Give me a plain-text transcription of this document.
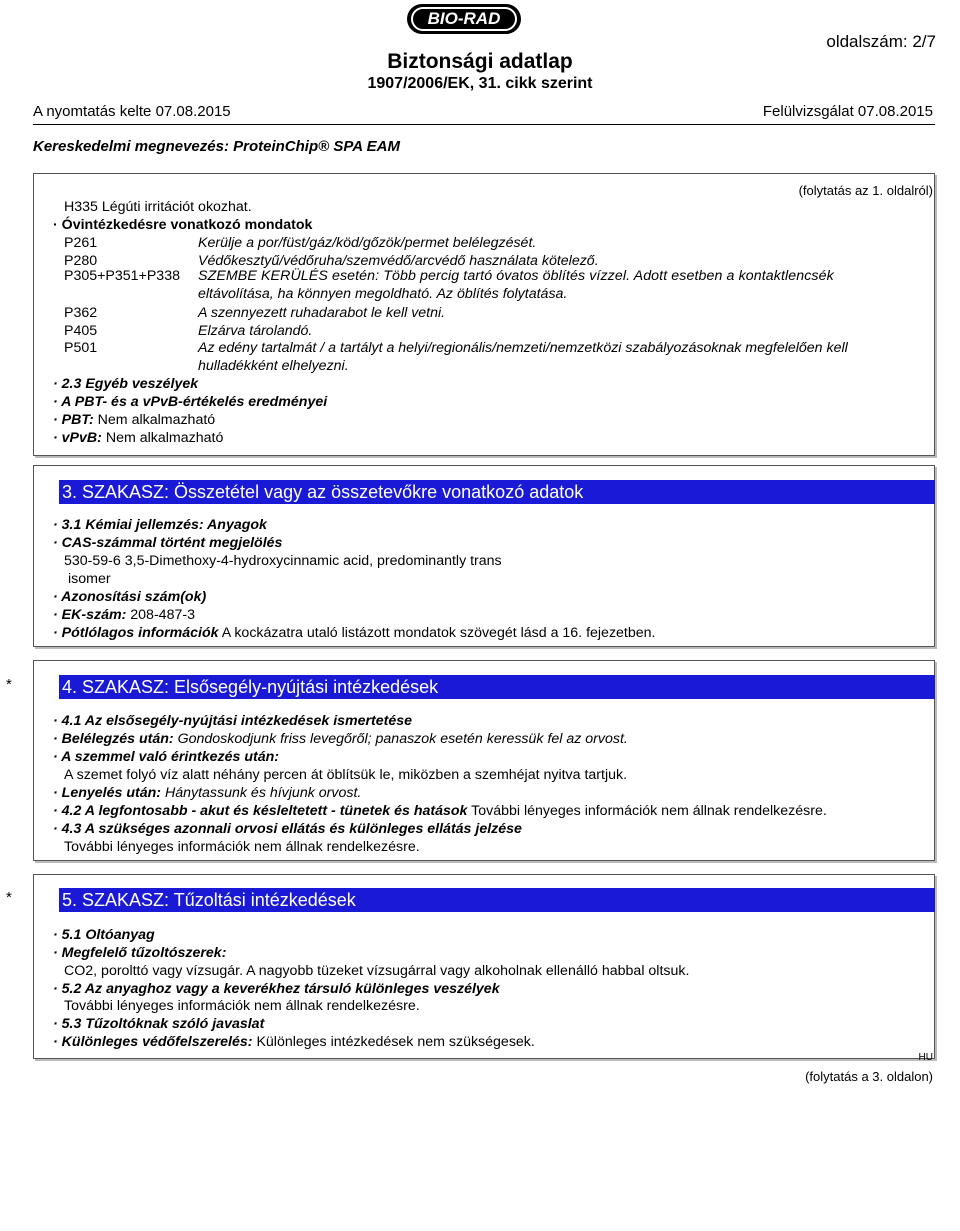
BIO-RAD
oldalszám: 2/7
Biztonsági adatlap
1907/2006/EK, 31. cikk szerint
A nyomtatás kelte 07.08.2015	Felülvizsgálat 07.08.2015
Kereskedelmi megnevezés: ProteinChip® SPA EAM
(folytatás az 1. oldalról)
H335 Légúti irritációt okozhat.
· Óvintézkedésre vonatkozó mondatok
P261	Kerülje a por/füst/gáz/köd/gőzök/permet belélegzését.
P280	Védőkesztyű/védőruha/szemvédő/arcvédő használata kötelező.
P305+P351+P338 SZEMBE KERÜLÉS esetén: Több percig tartó óvatos öblítés vízzel. Adott esetben a kontaktlencsék
eltávolítása, ha könnyen megoldható. Az öblítés folytatása.
P362	A szennyezett ruhadarabot le kell vetni.
P405	Elzárva tárolandó.
P501	Az edény tartalmát / a tartályt a helyi/regionális/nemzeti/nemzetközi szabályozásoknak megfelelően kell
hulladékként elhelyezni.
· 2.3 Egyéb veszélyek
· A PBT- és a vPvB-értékelés eredményei
· PBT: Nem alkalmazható
· vPvB: Nem alkalmazható
3. SZAKASZ: Összetétel vagy az összetevőkre vonatkozó adatok
· 3.1 Kémiai jellemzés: Anyagok
· CAS-számmal történt megjelölés
530-59-6 3,5-Dimethoxy-4-hydroxycinnamic acid, predominantly trans
isomer
· Azonosítási szám(ok)
· EK-szám: 208-487-3
· Pótlólagos információk A kockázatra utaló listázott mondatok szövegét lásd a 16. fejezetben.
*	4. SZAKASZ: Elsősegély-nyújtási intézkedések
· 4.1 Az elsősegély-nyújtási intézkedések ismertetése
· Belélegzés után: Gondoskodjunk friss levegőről; panaszok esetén keressük fel az orvost.
· A szemmel való érintkezés után:
A szemet folyó víz alatt néhány percen át öblítsük le, miközben a szemhéjat nyitva tartjuk.
· Lenyelés után: Hánytassunk és hívjunk orvost.
· 4.2 A legfontosabb - akut és késleltetett - tünetek és hatások További lényeges információk nem állnak rendelkezésre.
· 4.3 A szükséges azonnali orvosi ellátás és különleges ellátás jelzése
További lényeges információk nem állnak rendelkezésre.
*	5. SZAKASZ: Tűzoltási intézkedések
· 5.1 Oltóanyag
· Megfelelő tűzoltószerek:
CO2, porolttó vagy vízsugár. A nagyobb tüzeket vízsugárral vagy alkoholnak ellenálló habbal oltsuk.
· 5.2 Az anyaghoz vagy a keverékhez társuló különleges veszélyek
További lényeges információk nem állnak rendelkezésre.
· 5.3 Tűzoltóknak szóló javaslat
· Különleges védőfelszerelés: Különleges intézkedések nem szükségesek.
HU
(folytatás a 3. oldalon)
